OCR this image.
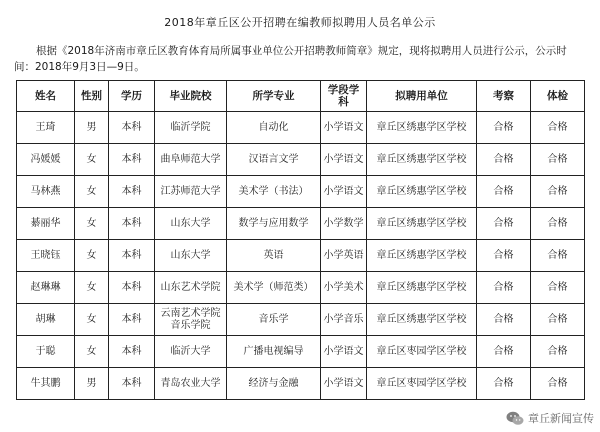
2018年章丘区公开招聘在编教师拟聘用人员名单公示
根据《2018年济南市章丘区教育体育局所属事业单位公开招聘教师简章》规定，现将拟聘用人员进行公示，公示时间：2018年9月3日—9日。
姓名	性别	学历	毕业院校	所学专业	学段学科	拟聘用单位	考察	体检
王琦	男	本科	临沂学院	自动化	小学语文	章丘区绣惠学区学校	合格	合格
冯媛媛	女	本科	曲阜师范大学	汉语言文学	小学语文	章丘区绣惠学区学校	合格	合格
马林燕	女	本科	江苏师范大学	美术学（书法）	小学语文	章丘区绣惠学区学校	合格	合格
綦丽华	女	本科	山东大学	数学与应用数学	小学数学	章丘区绣惠学区学校	合格	合格
王晓钰	女	本科	山东大学	英语	小学英语	章丘区绣惠学区学校	合格	合格
赵琳琳	女	本科	山东艺术学院	美术学（师范类）	小学美术	章丘区绣惠学区学校	合格	合格
胡琳	女	本科	云南艺术学院音乐学院	音乐学	小学音乐	章丘区绣惠学区学校	合格	合格
于聪	女	本科	临沂大学	广播电视编导	小学语文	章丘区枣园学区学校	合格	合格
牛其鹏	男	本科	青岛农业大学	经济与金融	小学语文	章丘区枣园学区学校	合格	合格
章丘新闻宣传
